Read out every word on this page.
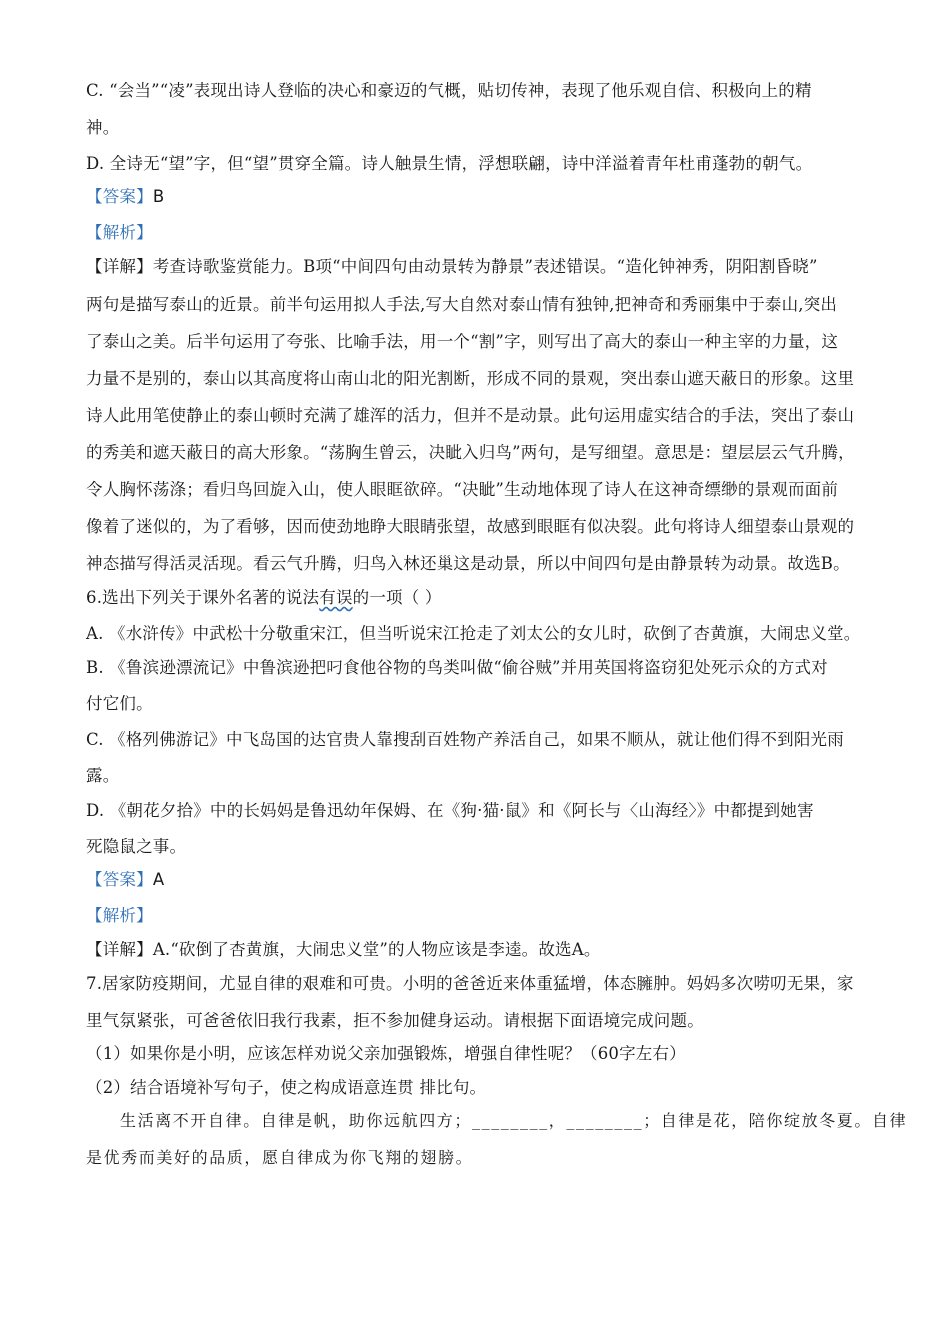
C. “会当”“凌”表现出诗人登临的决心和豪迈的气概，贴切传神，表现了他乐观自信、积极向上的精
神。
D. 全诗无“望”字，但“望”贯穿全篇。诗人触景生情，浮想联翩，诗中洋溢着青年杜甫蓬勃的朝气。
【答案】B
【解析】
【详解】考查诗歌鉴赏能力。B项“中间四句由动景转为静景”表述错误。“造化钟神秀，阴阳割昏晓”
两句是描写泰山的近景。前半句运用拟人手法,写大自然对泰山情有独钟,把神奇和秀丽集中于泰山,突出
了泰山之美。后半句运用了夸张、比喻手法，用一个“割”字，则写出了高大的泰山一种主宰的力量，这
力量不是别的，泰山以其高度将山南山北的阳光割断，形成不同的景观，突出泰山遮天蔽日的形象。这里
诗人此用笔使静止的泰山顿时充满了雄浑的活力，但并不是动景。此句运用虚实结合的手法，突出了泰山
的秀美和遮天蔽日的高大形象。“荡胸生曾云，决眦入归鸟”两句，是写细望。意思是：望层层云气升腾，
令人胸怀荡涤；看归鸟回旋入山，使人眼眶欲碎。“决眦”生动地体现了诗人在这神奇缥缈的景观而面前
像着了迷似的，为了看够，因而使劲地睁大眼睛张望，故感到眼眶有似决裂。此句将诗人细望泰山景观的
神态描写得活灵活现。看云气升腾，归鸟入林还巢这是动景，所以中间四句是由静景转为动景。故选B。
6.选出下列关于课外名著的说法有误的一项（ ）
A. 《水浒传》中武松十分敬重宋江，但当听说宋江抢走了刘太公的女儿时，砍倒了杏黄旗，大闹忠义堂。
B. 《鲁滨逊漂流记》中鲁滨逊把叼食他谷物的鸟类叫做“偷谷贼”并用英国将盗窃犯处死示众的方式对
付它们。
C. 《格列佛游记》中飞岛国的达官贵人靠搜刮百姓物产养活自己，如果不顺从，就让他们得不到阳光雨
露。
D. 《朝花夕拾》中的长妈妈是鲁迅幼年保姆、在《狗·猫·鼠》和《阿长与〈山海经〉》中都提到她害
死隐鼠之事。
【答案】A
【解析】
【详解】A.“砍倒了杏黄旗，大闹忠义堂”的人物应该是李逵。故选A。
7.居家防疫期间，尤显自律的艰难和可贵。小明的爸爸近来体重猛增，体态臃肿。妈妈多次唠叨无果，家
里气氛紧张，可爸爸依旧我行我素，拒不参加健身运动。请根据下面语境完成问题。
（1）如果你是小明，应该怎样劝说父亲加强锻炼，增强自律性呢？（60字左右）
（2）结合语境补写句子，使之构成语意连贯 排比句。
生活离不开自律。自律是帆，助你远航四方；________，________；自律是花，陪你绽放冬夏。自律
是优秀而美好的品质，愿自律成为你飞翔的翅膀。
